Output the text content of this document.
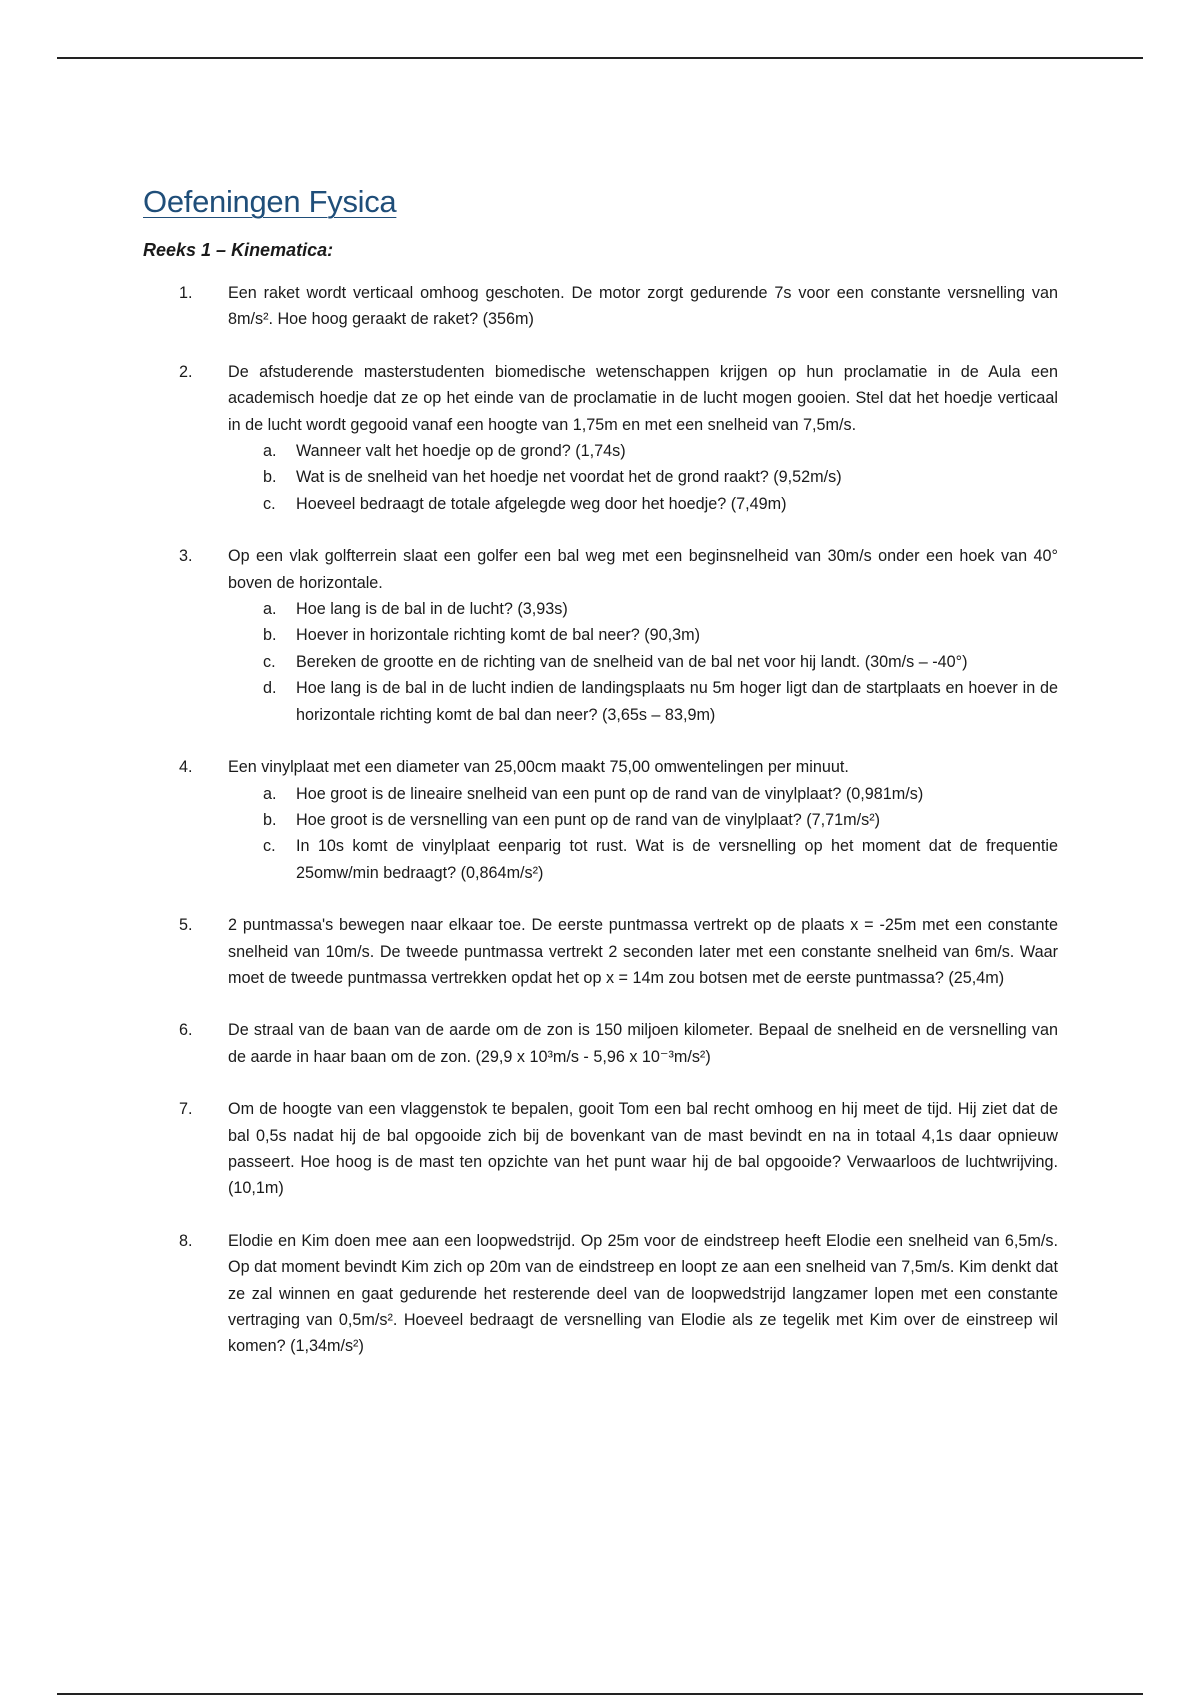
Oefeningen Fysica
Reeks 1 – Kinematica:
1. Een raket wordt verticaal omhoog geschoten. De motor zorgt gedurende 7s voor een constante versnelling van 8m/s². Hoe hoog geraakt de raket? (356m)
2. De afstuderende masterstudenten biomedische wetenschappen krijgen op hun proclamatie in de Aula een academisch hoedje dat ze op het einde van de proclamatie in de lucht mogen gooien. Stel dat het hoedje verticaal in de lucht wordt gegooid vanaf een hoogte van 1,75m en met een snelheid van 7,5m/s.
a. Wanneer valt het hoedje op de grond? (1,74s)
b. Wat is de snelheid van het hoedje net voordat het de grond raakt? (9,52m/s)
c. Hoeveel bedraagt de totale afgelegde weg door het hoedje? (7,49m)
3. Op een vlak golfterrein slaat een golfer een bal weg met een beginsnelheid van 30m/s onder een hoek van 40° boven de horizontale.
a. Hoe lang is de bal in de lucht? (3,93s)
b. Hoever in horizontale richting komt de bal neer? (90,3m)
c. Bereken de grootte en de richting van de snelheid van de bal net voor hij landt. (30m/s – -40°)
d. Hoe lang is de bal in de lucht indien de landingsplaats nu 5m hoger ligt dan de startplaats en hoever in de horizontale richting komt de bal dan neer? (3,65s – 83,9m)
4. Een vinylplaat met een diameter van 25,00cm maakt 75,00 omwentelingen per minuut.
a. Hoe groot is de lineaire snelheid van een punt op de rand van de vinylplaat? (0,981m/s)
b. Hoe groot is de versnelling van een punt op de rand van de vinylplaat? (7,71m/s²)
c. In 10s komt de vinylplaat eenparig tot rust. Wat is de versnelling op het moment dat de frequentie 25omw/min bedraagt? (0,864m/s²)
5. 2 puntmassa's bewegen naar elkaar toe. De eerste puntmassa vertrekt op de plaats x = -25m met een constante snelheid van 10m/s. De tweede puntmassa vertrekt 2 seconden later met een constante snelheid van 6m/s. Waar moet de tweede puntmassa vertrekken opdat het op x = 14m zou botsen met de eerste puntmassa? (25,4m)
6. De straal van de baan van de aarde om de zon is 150 miljoen kilometer. Bepaal de snelheid en de versnelling van de aarde in haar baan om de zon. (29,9 x 10³m/s - 5,96 x 10⁻³m/s²)
7. Om de hoogte van een vlaggenstok te bepalen, gooit Tom een bal recht omhoog en hij meet de tijd. Hij ziet dat de bal 0,5s nadat hij de bal opgooide zich bij de bovenkant van de mast bevindt en na in totaal 4,1s daar opnieuw passeert. Hoe hoog is de mast ten opzichte van het punt waar hij de bal opgooide? Verwaarloos de luchtwrijving. (10,1m)
8. Elodie en Kim doen mee aan een loopwedstrijd. Op 25m voor de eindstreep heeft Elodie een snelheid van 6,5m/s. Op dat moment bevindt Kim zich op 20m van de eindstreep en loopt ze aan een snelheid van 7,5m/s. Kim denkt dat ze zal winnen en gaat gedurende het resterende deel van de loopwedstrijd langzamer lopen met een constante vertraging van 0,5m/s². Hoeveel bedraagt de versnelling van Elodie als ze tegelik met Kim over de einstreep wil komen? (1,34m/s²)
